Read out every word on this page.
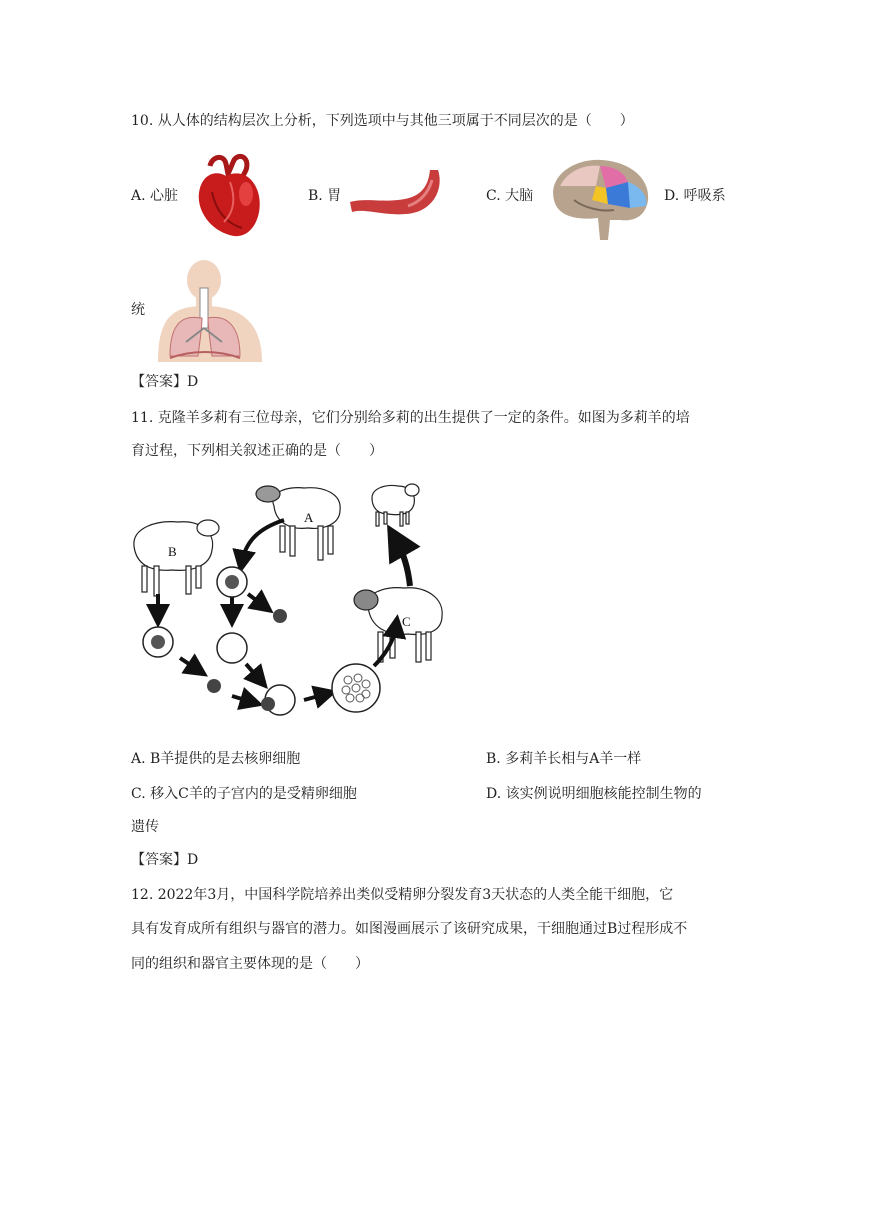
10. 从人体的结构层次上分析，下列选项中与其他三项属于不同层次的是（　　）
A. 心脏	B. 胃	C. 大脑	D. 呼吸系
统
【答案】D
11. 克隆羊多莉有三位母亲，它们分别给多莉的出生提供了一定的条件。如图为多莉羊的培
育过程，下列相关叙述正确的是（　　）
A
B
C
A. B羊提供的是去核卵细胞	B. 多莉羊长相与A羊一样
C. 移入C羊的子宫内的是受精卵细胞	D. 该实例说明细胞核能控制生物的
遗传
【答案】D
12. 2022年3月，中国科学院培养出类似受精卵分裂发育3天状态的人类全能干细胞，它
具有发育成所有组织与器官的潜力。如图漫画展示了该研究成果，干细胞通过B过程形成不
同的组织和器官主要体现的是（　　）
